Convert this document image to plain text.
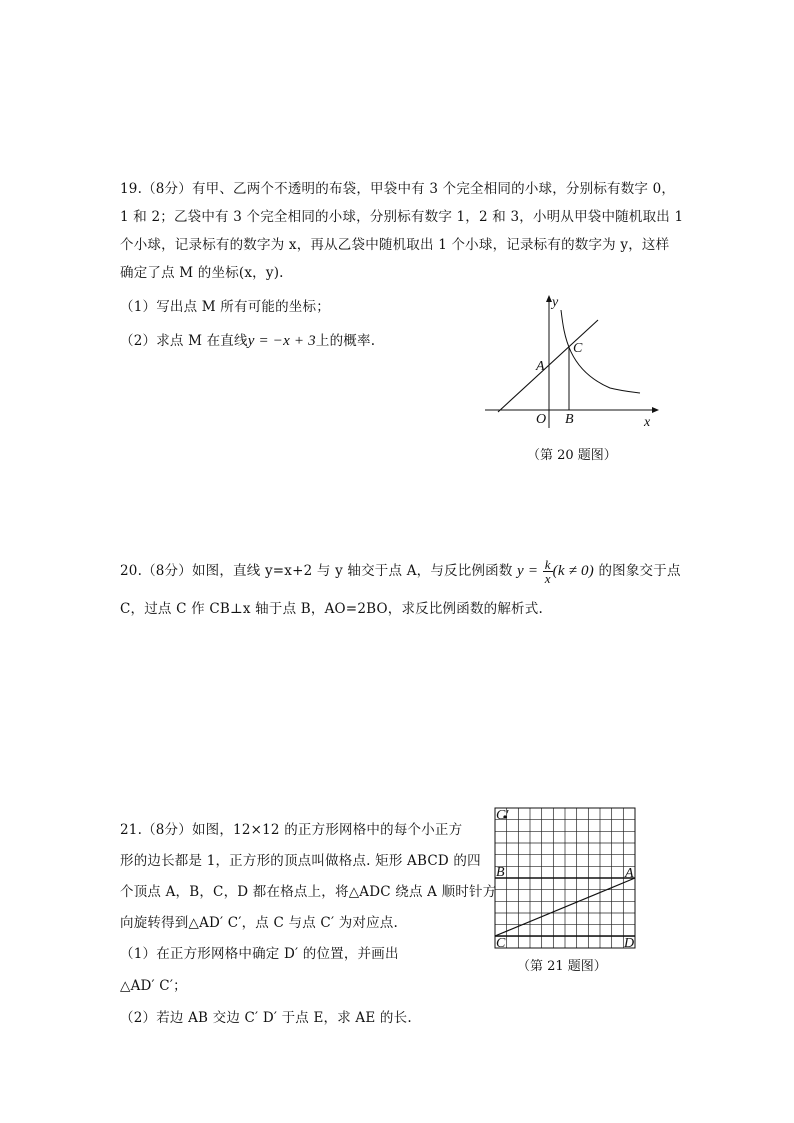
19.（8分）有甲、乙两个不透明的布袋，甲袋中有 3 个完全相同的小球，分别标有数字 0，
1 和 2；乙袋中有 3 个完全相同的小球，分别标有数字 1，2 和 3，小明从甲袋中随机取出 1
个小球，记录标有的数字为 x，再从乙袋中随机取出 1 个小球，记录标有的数字为 y，这样
确定了点 M 的坐标(x，y).
（1）写出点 M 所有可能的坐标；
（2）求点 M 在直线y = −x + 3上的概率.
y
x
A
C
O B
（第 20 题图）
20.（8分）如图，直线 y=x+2 与 y 轴交于点 A，与反比例函数 $y = \frac{k}{x} (k \ne 0)$ 的图象交于点
C，过点 C 作 CB⊥x 轴于点 B，AO=2BO，求反比例函数的解析式.
21.（8分）如图，12×12 的正方形网格中的每个小正方
形的边长都是 1，正方形的顶点叫做格点. 矩形 ABCD 的四
个顶点 A，B，C，D 都在格点上，将△ADC 绕点 A 顺时针方
向旋转得到△AD′ C′，点 C 与点 C′ 为对应点.
（1）在正方形网格中确定 D′ 的位置，并画出
△AD′ C′；
（2）若边 AB 交边 C′ D′ 于点 E，求 AE 的长.
C′
B	A
C	D
（第 21 题图）
